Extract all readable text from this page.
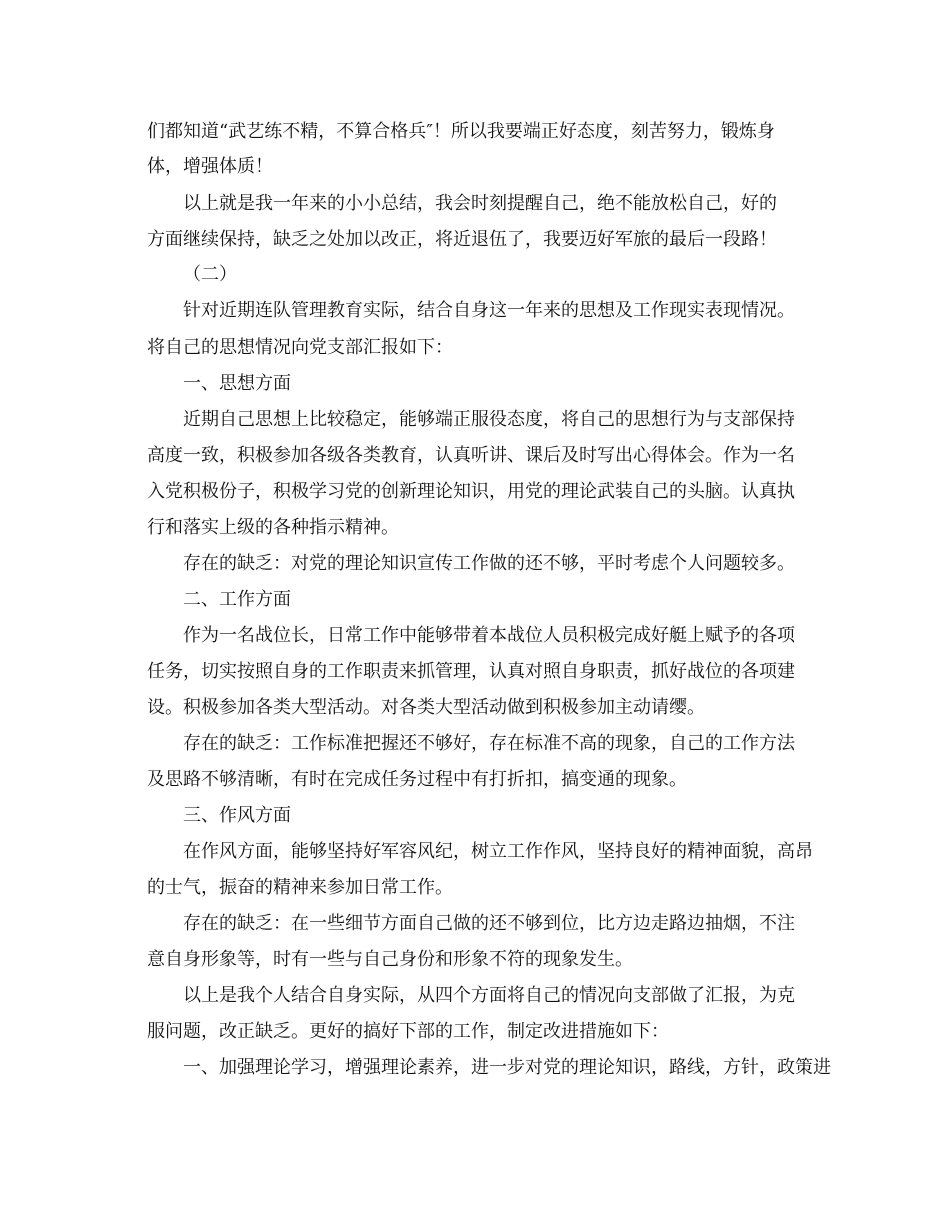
们都知道“武艺练不精，不算合格兵″！所以我要端正好态度，刻苦努力，锻炼身
体，增强体质！
以上就是我一年来的小小总结，我会时刻提醒自己，绝不能放松自己，好的
方面继续保持，缺乏之处加以改正，将近退伍了，我要迈好军旅的最后一段路！
（二）
针对近期连队管理教育实际，结合自身这一年来的思想及工作现实表现情况。
将自己的思想情况向党支部汇报如下：
一、思想方面
近期自己思想上比较稳定，能够端正服役态度，将自己的思想行为与支部保持
高度一致，积极参加各级各类教育，认真听讲、课后及时写出心得体会。作为一名
入党积极份子，积极学习党的创新理论知识，用党的理论武装自己的头脑。认真执
行和落实上级的各种指示精神。
存在的缺乏：对党的理论知识宣传工作做的还不够，平时考虑个人问题较多。
二、工作方面
作为一名战位长，日常工作中能够带着本战位人员积极完成好艇上赋予的各项
任务，切实按照自身的工作职责来抓管理，认真对照自身职责，抓好战位的各项建
设。积极参加各类大型活动。对各类大型活动做到积极参加主动请缨。
存在的缺乏：工作标准把握还不够好，存在标准不高的现象，自己的工作方法
及思路不够清晰，有时在完成任务过程中有打折扣，搞变通的现象。
三、作风方面
在作风方面，能够坚持好军容风纪，树立工作作风，坚持良好的精神面貌，高昂
的士气，振奋的精神来参加日常工作。
存在的缺乏：在一些细节方面自己做的还不够到位，比方边走路边抽烟，不注
意自身形象等，时有一些与自己身份和形象不符的现象发生。
以上是我个人结合自身实际，从四个方面将自己的情况向支部做了汇报，为克
服问题，改正缺乏。更好的搞好下部的工作，制定改进措施如下：
一、加强理论学习，增强理论素养，进一步对党的理论知识，路线，方针，政策进
